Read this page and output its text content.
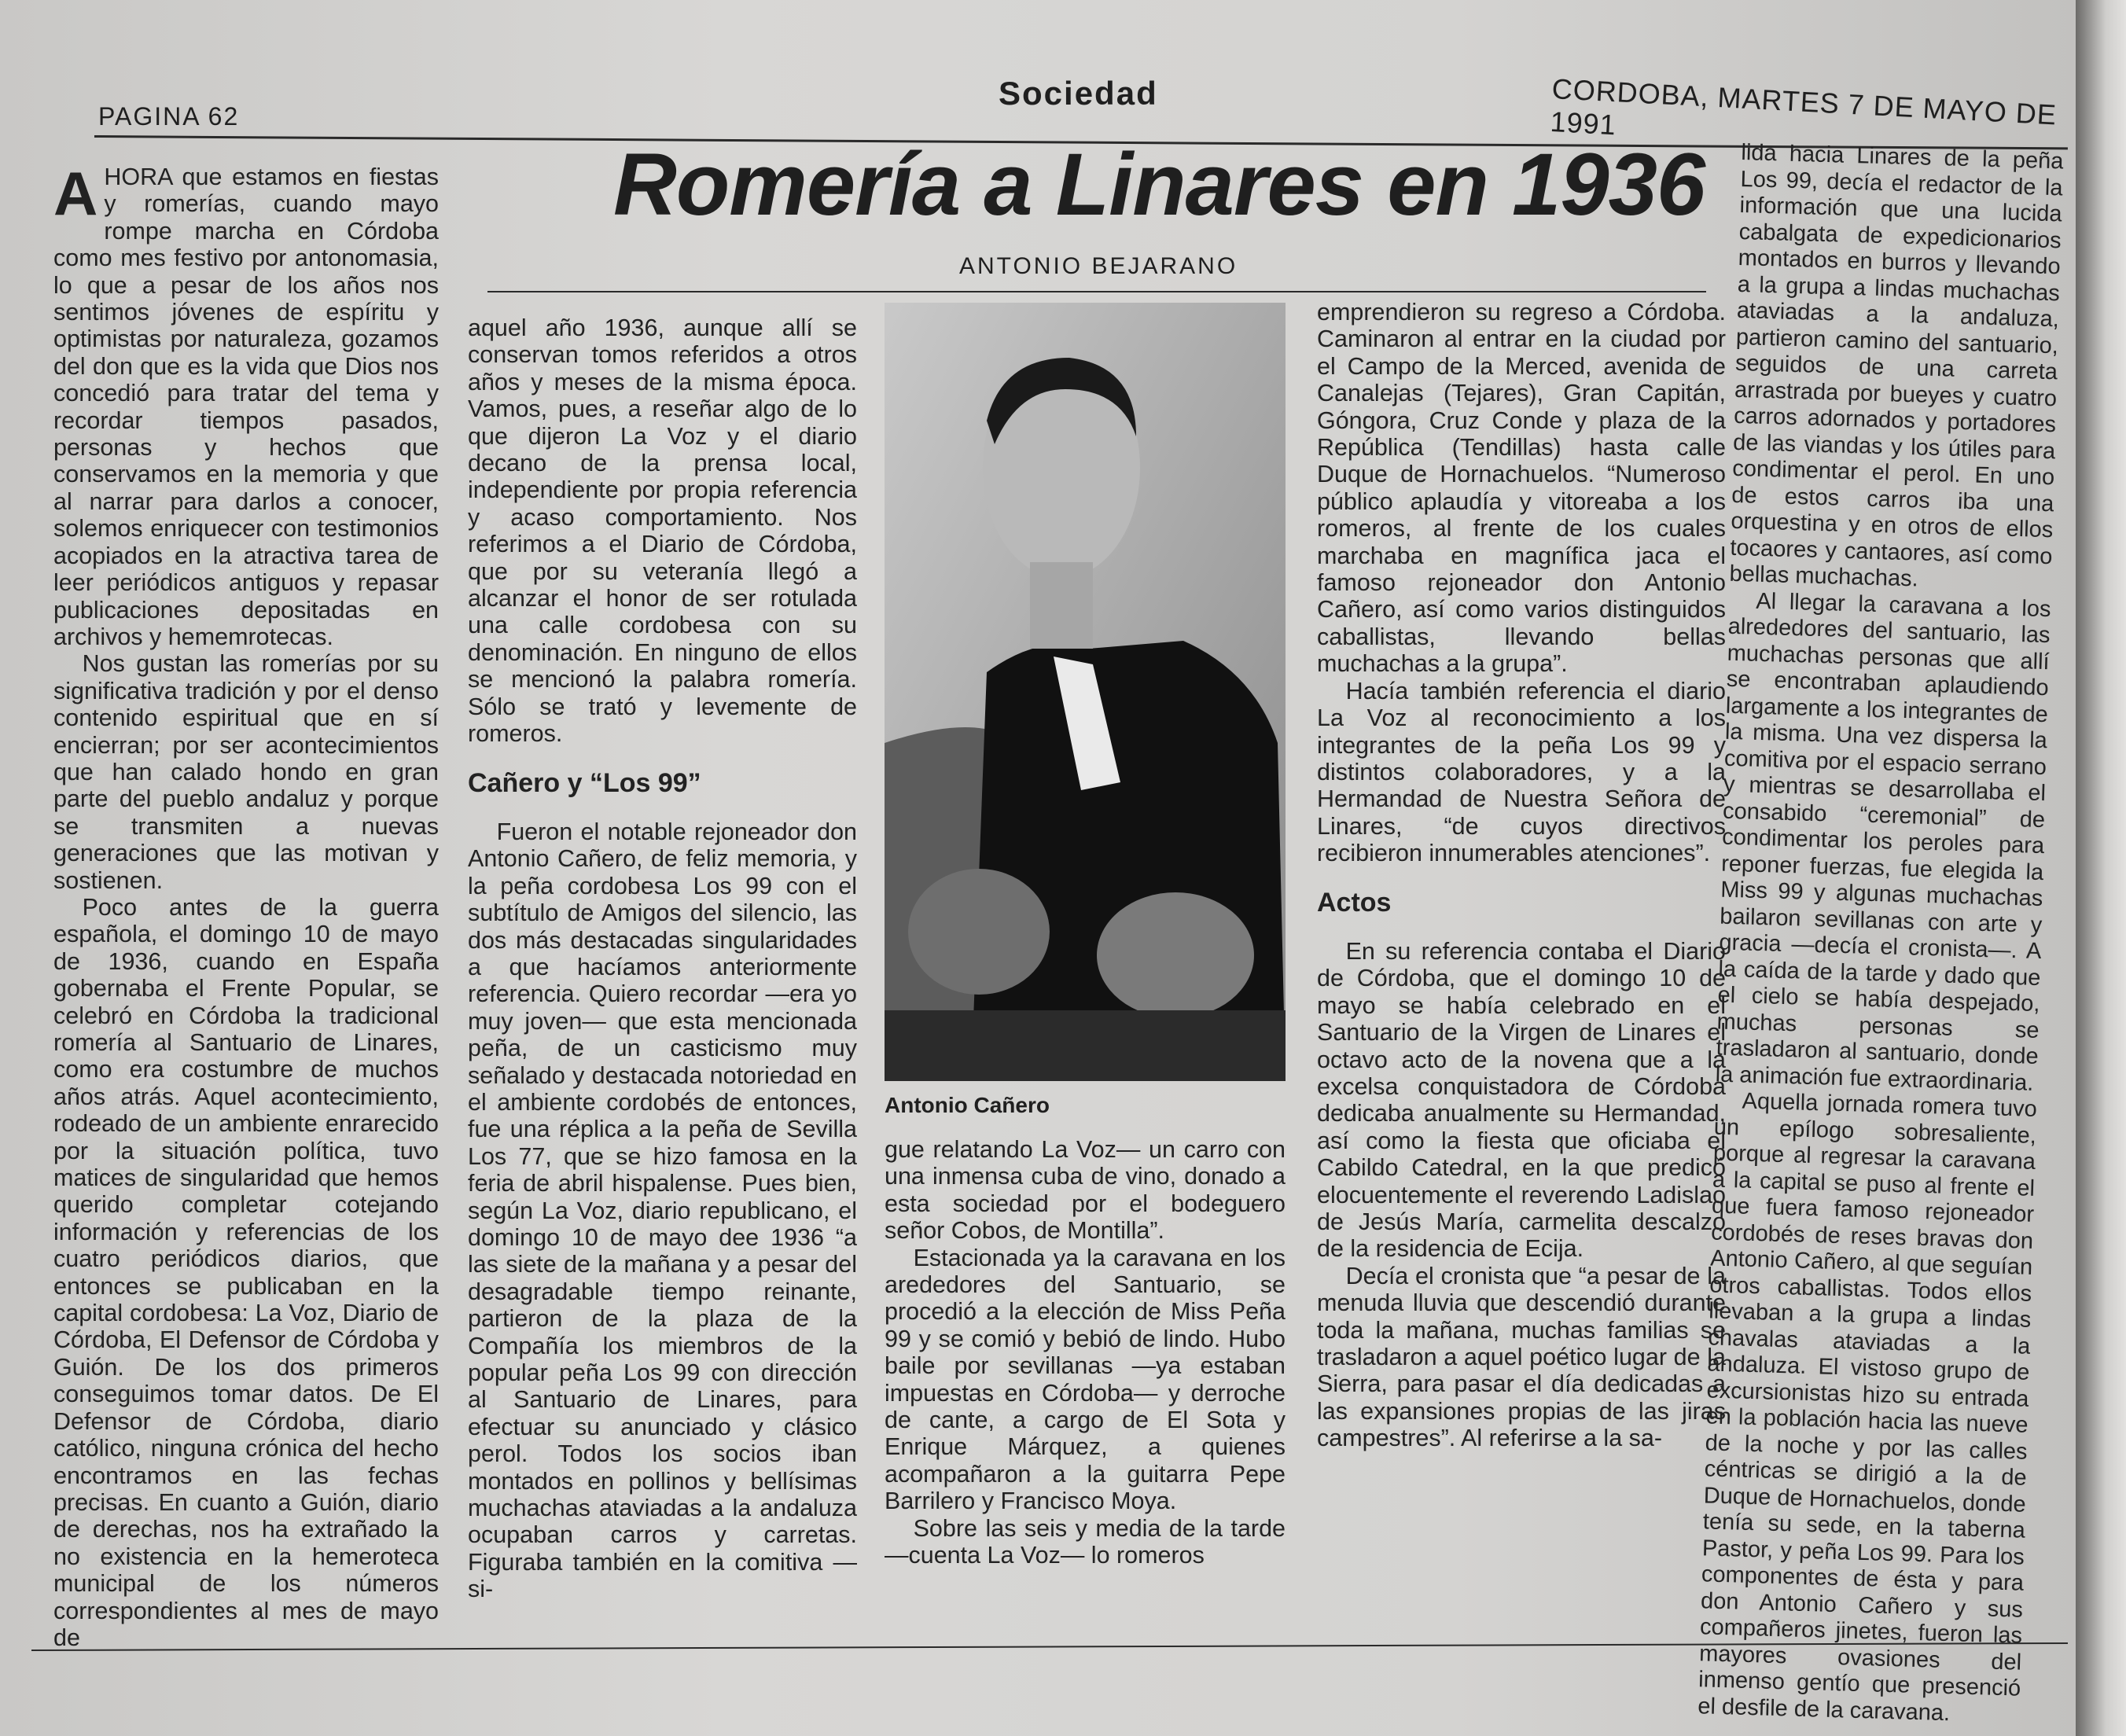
PAGINA 62
Sociedad	CORDOBA, MARTES 7 DE MAYO DE 1991
Romería a Linares en 1936
ANTONIO BEJARANO

AHORA que estamos en fiestas y romerías, cuando mayo rompe marcha en Córdoba como mes festivo por antonomasia, lo que a pesar de los años nos sentimos jóvenes de espíritu y optimistas por naturaleza, gozamos del don que es la vida que Dios nos concedió para tratar del tema y recordar tiempos pasados, personas y hechos que conservamos en la memoria y que al narrar para darlos a conocer, solemos enriquecer con testimonios acopiados en la atractiva tarea de leer periódicos antiguos y repasar publicaciones depositadas en archivos y hememrotecas.

Nos gustan las romerías por su significativa tradición y por el denso contenido espiritual que en sí encierran; por ser acontecimientos que han calado hondo en gran parte del pueblo andaluz y porque se transmiten a nuevas generaciones que las motivan y sostienen.

Poco antes de la guerra española, el domingo 10 de mayo de 1936, cuando en España gobernaba el Frente Popular, se celebró en Córdoba la tradicional romería al Santuario de Linares, como era costumbre de muchos años atrás. Aquel acontecimiento, rodeado de un ambiente enrarecido por la situación política, tuvo matices de singularidad que hemos querido completar cotejando información y referencias de los cuatro periódicos diarios, que entonces se publicaban en la capital cordobesa: La Voz, Diario de Córdoba, El Defensor de Córdoba y Guión. De los dos primeros conseguimos tomar datos. De El Defensor de Córdoba, diario católico, ninguna crónica del hecho encontramos en las fechas precisas. En cuanto a Guión, diario de derechas, nos ha extrañado la no existencia en la hemeroteca municipal de los números correspondientes al mes de mayo de

aquel año 1936, aunque allí se conservan tomos referidos a otros años y meses de la misma época. Vamos, pues, a reseñar algo de lo que dijeron La Voz y el diario decano de la prensa local, independiente por propia referencia y acaso comportamiento. Nos referimos a el Diario de Córdoba, que por su veteranía llegó a alcanzar el honor de ser rotulada una calle cordobesa con su denominación. En ninguno de ellos se mencionó la palabra romería. Sólo se trató y levemente de romeros.

Cañero y “Los 99”

Fueron el notable rejoneador don Antonio Cañero, de feliz memoria, y la peña cordobesa Los 99 con el subtítulo de Amigos del silencio, las dos más destacadas singularidades a que hacíamos anteriormente referencia. Quiero recordar —era yo muy joven— que esta mencionada peña, de un casticismo muy señalado y destacada notoriedad en el ambiente cordobés de entonces, fue una réplica a la peña de Sevilla Los 77, que se hizo famosa en la feria de abril hispalense. Pues bien, según La Voz, diario republicano, el domingo 10 de mayo dee 1936 “a las siete de la mañana y a pesar del desagradable tiempo reinante, partieron de la plaza de la Compañía los miembros de la popular peña Los 99 con dirección al Santuario de Linares, para efectuar su anunciado y clásico perol. Todos los socios iban montados en pollinos y bellísimas muchachas ataviadas a la andaluza ocupaban carros y carretas. Figuraba también en la comitiva —si-

Antonio Cañero

gue relatando La Voz— un carro con una inmensa cuba de vino, donado a esta sociedad por el bodeguero señor Cobos, de Montilla”.

Estacionada ya la caravana en los arededores del Santuario, se procedió a la elección de Miss Peña 99 y se comió y bebió de lindo. Hubo baile por sevillanas —ya estaban impuestas en Córdoba— y derroche de cante, a cargo de El Sota y Enrique Márquez, a quienes acompañaron a la guitarra Pepe Barrilero y Francisco Moya.

Sobre las seis y media de la tarde —cuenta La Voz— lo romeros

emprendieron su regreso a Córdoba. Caminaron al entrar en la ciudad por el Campo de la Merced, avenida de Canalejas (Tejares), Gran Capitán, Góngora, Cruz Conde y plaza de la República (Tendillas) hasta calle Duque de Hornachuelos. “Numeroso público aplaudía y vitoreaba a los romeros, al frente de los cuales marchaba en magnífica jaca el famoso rejoneador don Antonio Cañero, así como varios distinguidos caballistas, llevando bellas muchachas a la grupa”.

Hacía también referencia el diario La Voz al reconocimiento a los integrantes de la peña Los 99 y distintos colaboradores, y a la Hermandad de Nuestra Señora de Linares, “de cuyos directivos recibieron innumerables atenciones”.

Actos

En su referencia contaba el Diario de Córdoba, que el domingo 10 de mayo se había celebrado en el Santuario de la Virgen de Linares el octavo acto de la novena que a la excelsa conquistadora de Córdoba dedicaba anualmente su Hermandad, así como la fiesta que oficiaba el Cabildo Catedral, en la que predicó elocuentemente el reverendo Ladislao de Jesús María, carmelita descalzo de la residencia de Ecija.

Decía el cronista que “a pesar de la menuda lluvia que descendió durante toda la mañana, muchas familias se trasladaron a aquel poético lugar de la Sierra, para pasar el día dedicadas a las expansiones propias de las jiras campestres”. Al referirse a la sa-

lida hacia Linares de la peña Los 99, decía el redactor de la información que una lucida cabalgata de expedicionarios montados en burros y llevando a la grupa a lindas muchachas ataviadas a la andaluza, partieron camino del santuario, seguidos de una carreta arrastrada por bueyes y cuatro carros adornados y portadores de las viandas y los útiles para condimentar el perol. En uno de estos carros iba una orquestina y en otros de ellos tocaores y cantaores, así como bellas muchachas.

Al llegar la caravana a los alrededores del santuario, las muchachas personas que allí se encontraban aplaudiendo largamente a los integrantes de la misma. Una vez dispersa la comitiva por el espacio serrano y mientras se desarrollaba el consabido “ceremonial” de condimentar los peroles para reponer fuerzas, fue elegida la Miss 99 y algunas muchachas bailaron sevillanas con arte y gracia —decía el cronista—. A la caída de la tarde y dado que el cielo se había despejado, muchas personas se trasladaron al santuario, donde la animación fue extraordinaria.

Aquella jornada romera tuvo un epílogo sobresaliente, porque al regresar la caravana a la capital se puso al frente el que fuera famoso rejoneador cordobés de reses bravas don Antonio Cañero, al que seguían otros caballistas. Todos ellos llevaban a la grupa a lindas chavalas ataviadas a la andaluza. El vistoso grupo de excursionistas hizo su entrada en la población hacia las nueve de la noche y por las calles céntricas se dirigió a la de Duque de Hornachuelos, donde tenía su sede, en la taberna Pastor, y peña Los 99. Para los componentes de ésta y para don Antonio Cañero y sus compañeros jinetes, fueron las mayores ovasiones del inmenso gentío que presenció el desfile de la caravana.
